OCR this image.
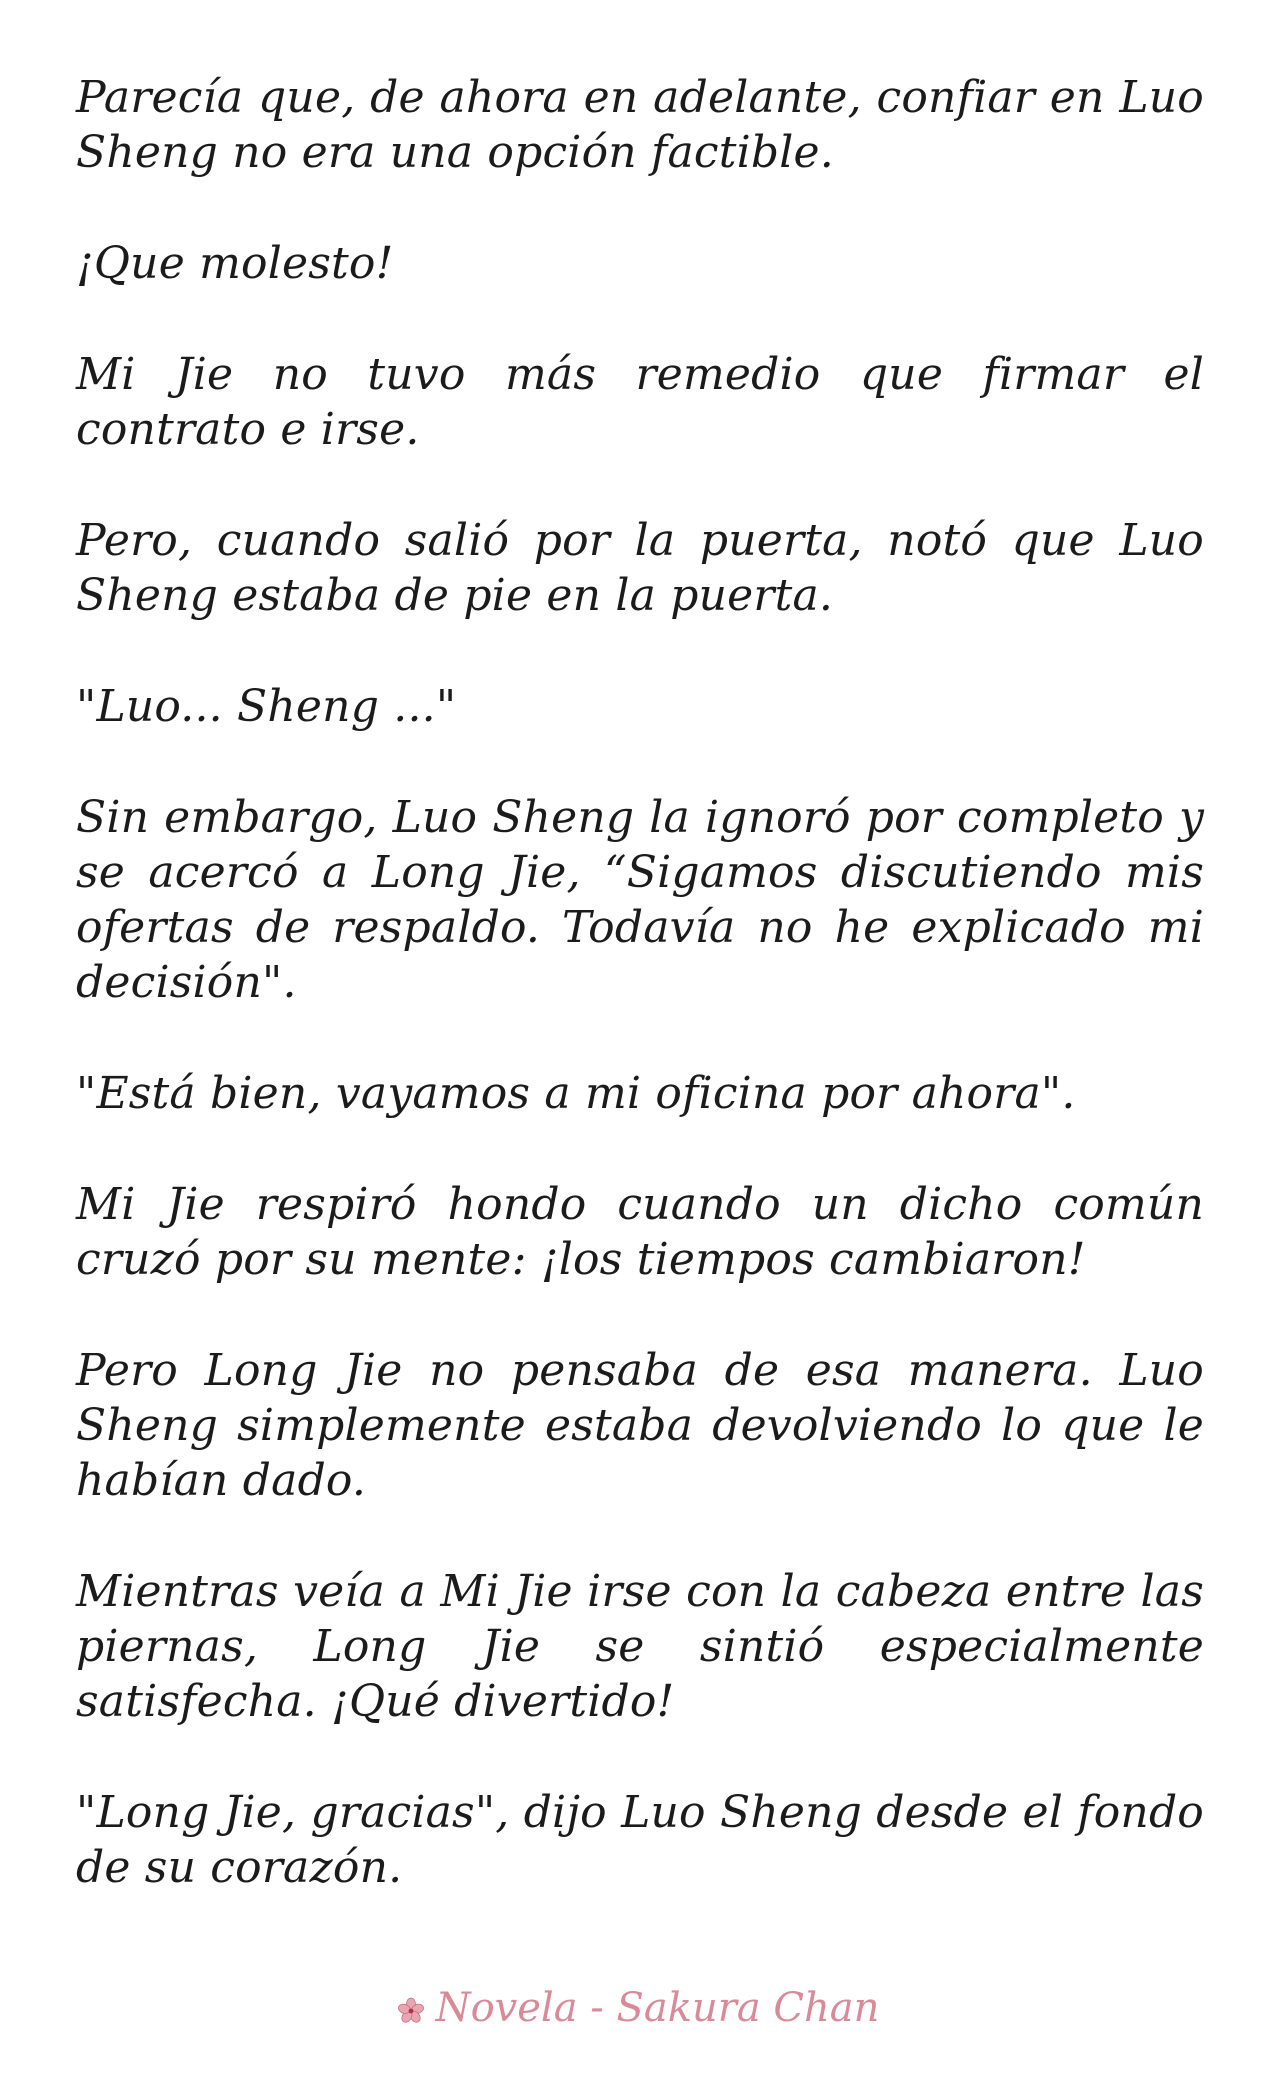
Parecía que, de ahora en adelante, confiar en Luo Sheng no era una opción factible.

¡Que molesto!

Mi Jie no tuvo más remedio que firmar el contrato e irse.

Pero, cuando salió por la puerta, notó que Luo Sheng estaba de pie en la puerta.

"Luo... Sheng ..."

Sin embargo, Luo Sheng la ignoró por completo y se acercó a Long Jie, “Sigamos discutiendo mis ofertas de respaldo. Todavía no he explicado mi decisión".

"Está bien, vayamos a mi oficina por ahora".

Mi Jie respiró hondo cuando un dicho común cruzó por su mente: ¡los tiempos cambiaron!

Pero Long Jie no pensaba de esa manera. Luo Sheng simplemente estaba devolviendo lo que le habían dado.

Mientras veía a Mi Jie irse con la cabeza entre las piernas, Long Jie se sintió especialmente satisfecha. ¡Qué divertido!

"Long Jie, gracias", dijo Luo Sheng desde el fondo de su corazón.

Novela - Sakura Chan
